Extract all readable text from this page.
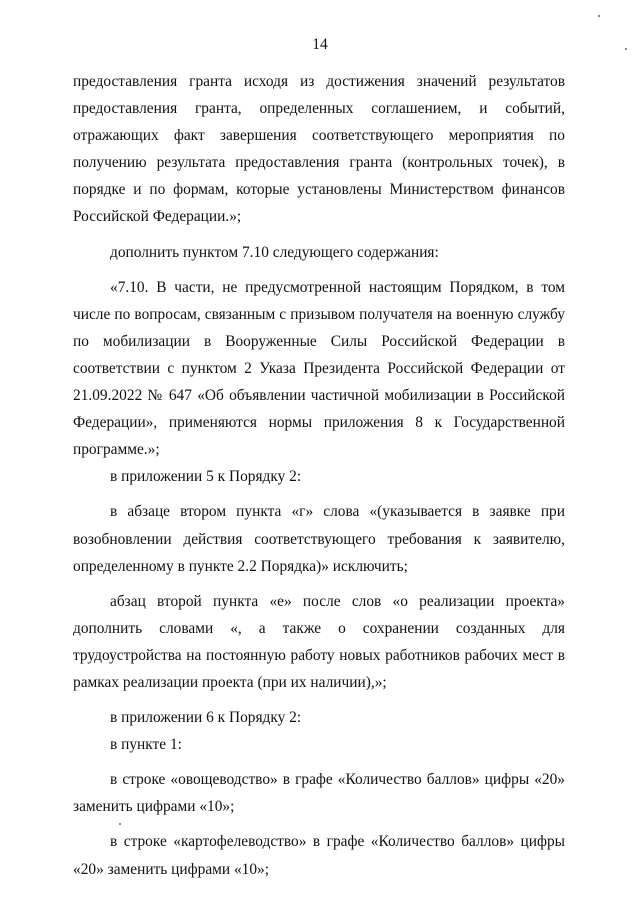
14

предоставления гранта исходя из достижения значений результатов предоставления гранта, определенных соглашением, и событий, отражающих факт завершения соответствующего мероприятия по получению результата предоставления гранта (контрольных точек), в порядке и по формам, которые установлены Министерством финансов Российской Федерации.»;

дополнить пунктом 7.10 следующего содержания:

«7.10. В части, не предусмотренной настоящим Порядком, в том числе по вопросам, связанным с призывом получателя на военную службу по мобилизации в Вооруженные Силы Российской Федерации в соответствии с пунктом 2 Указа Президента Российской Федерации от 21.09.2022 № 647 «Об объявлении частичной мобилизации в Российской Федерации», применяются нормы приложения 8 к Государственной программе.»;

в приложении 5 к Порядку 2:

в абзаце втором пункта «г» слова «(указывается в заявке при возобновлении действия соответствующего требования к заявителю, определенному в пункте 2.2 Порядка)» исключить;

абзац второй пункта «е» после слов «о реализации проекта» дополнить словами «, а также о сохранении созданных для трудоустройства на постоянную работу новых работников рабочих мест в рамках реализации проекта (при их наличии),»;

в приложении 6 к Порядку 2:

в пункте 1:

в строке «овощеводство» в графе «Количество баллов» цифры «20» заменить цифрами «10»;

в строке «картофелеводство» в графе «Количество баллов» цифры «20» заменить цифрами «10»;
